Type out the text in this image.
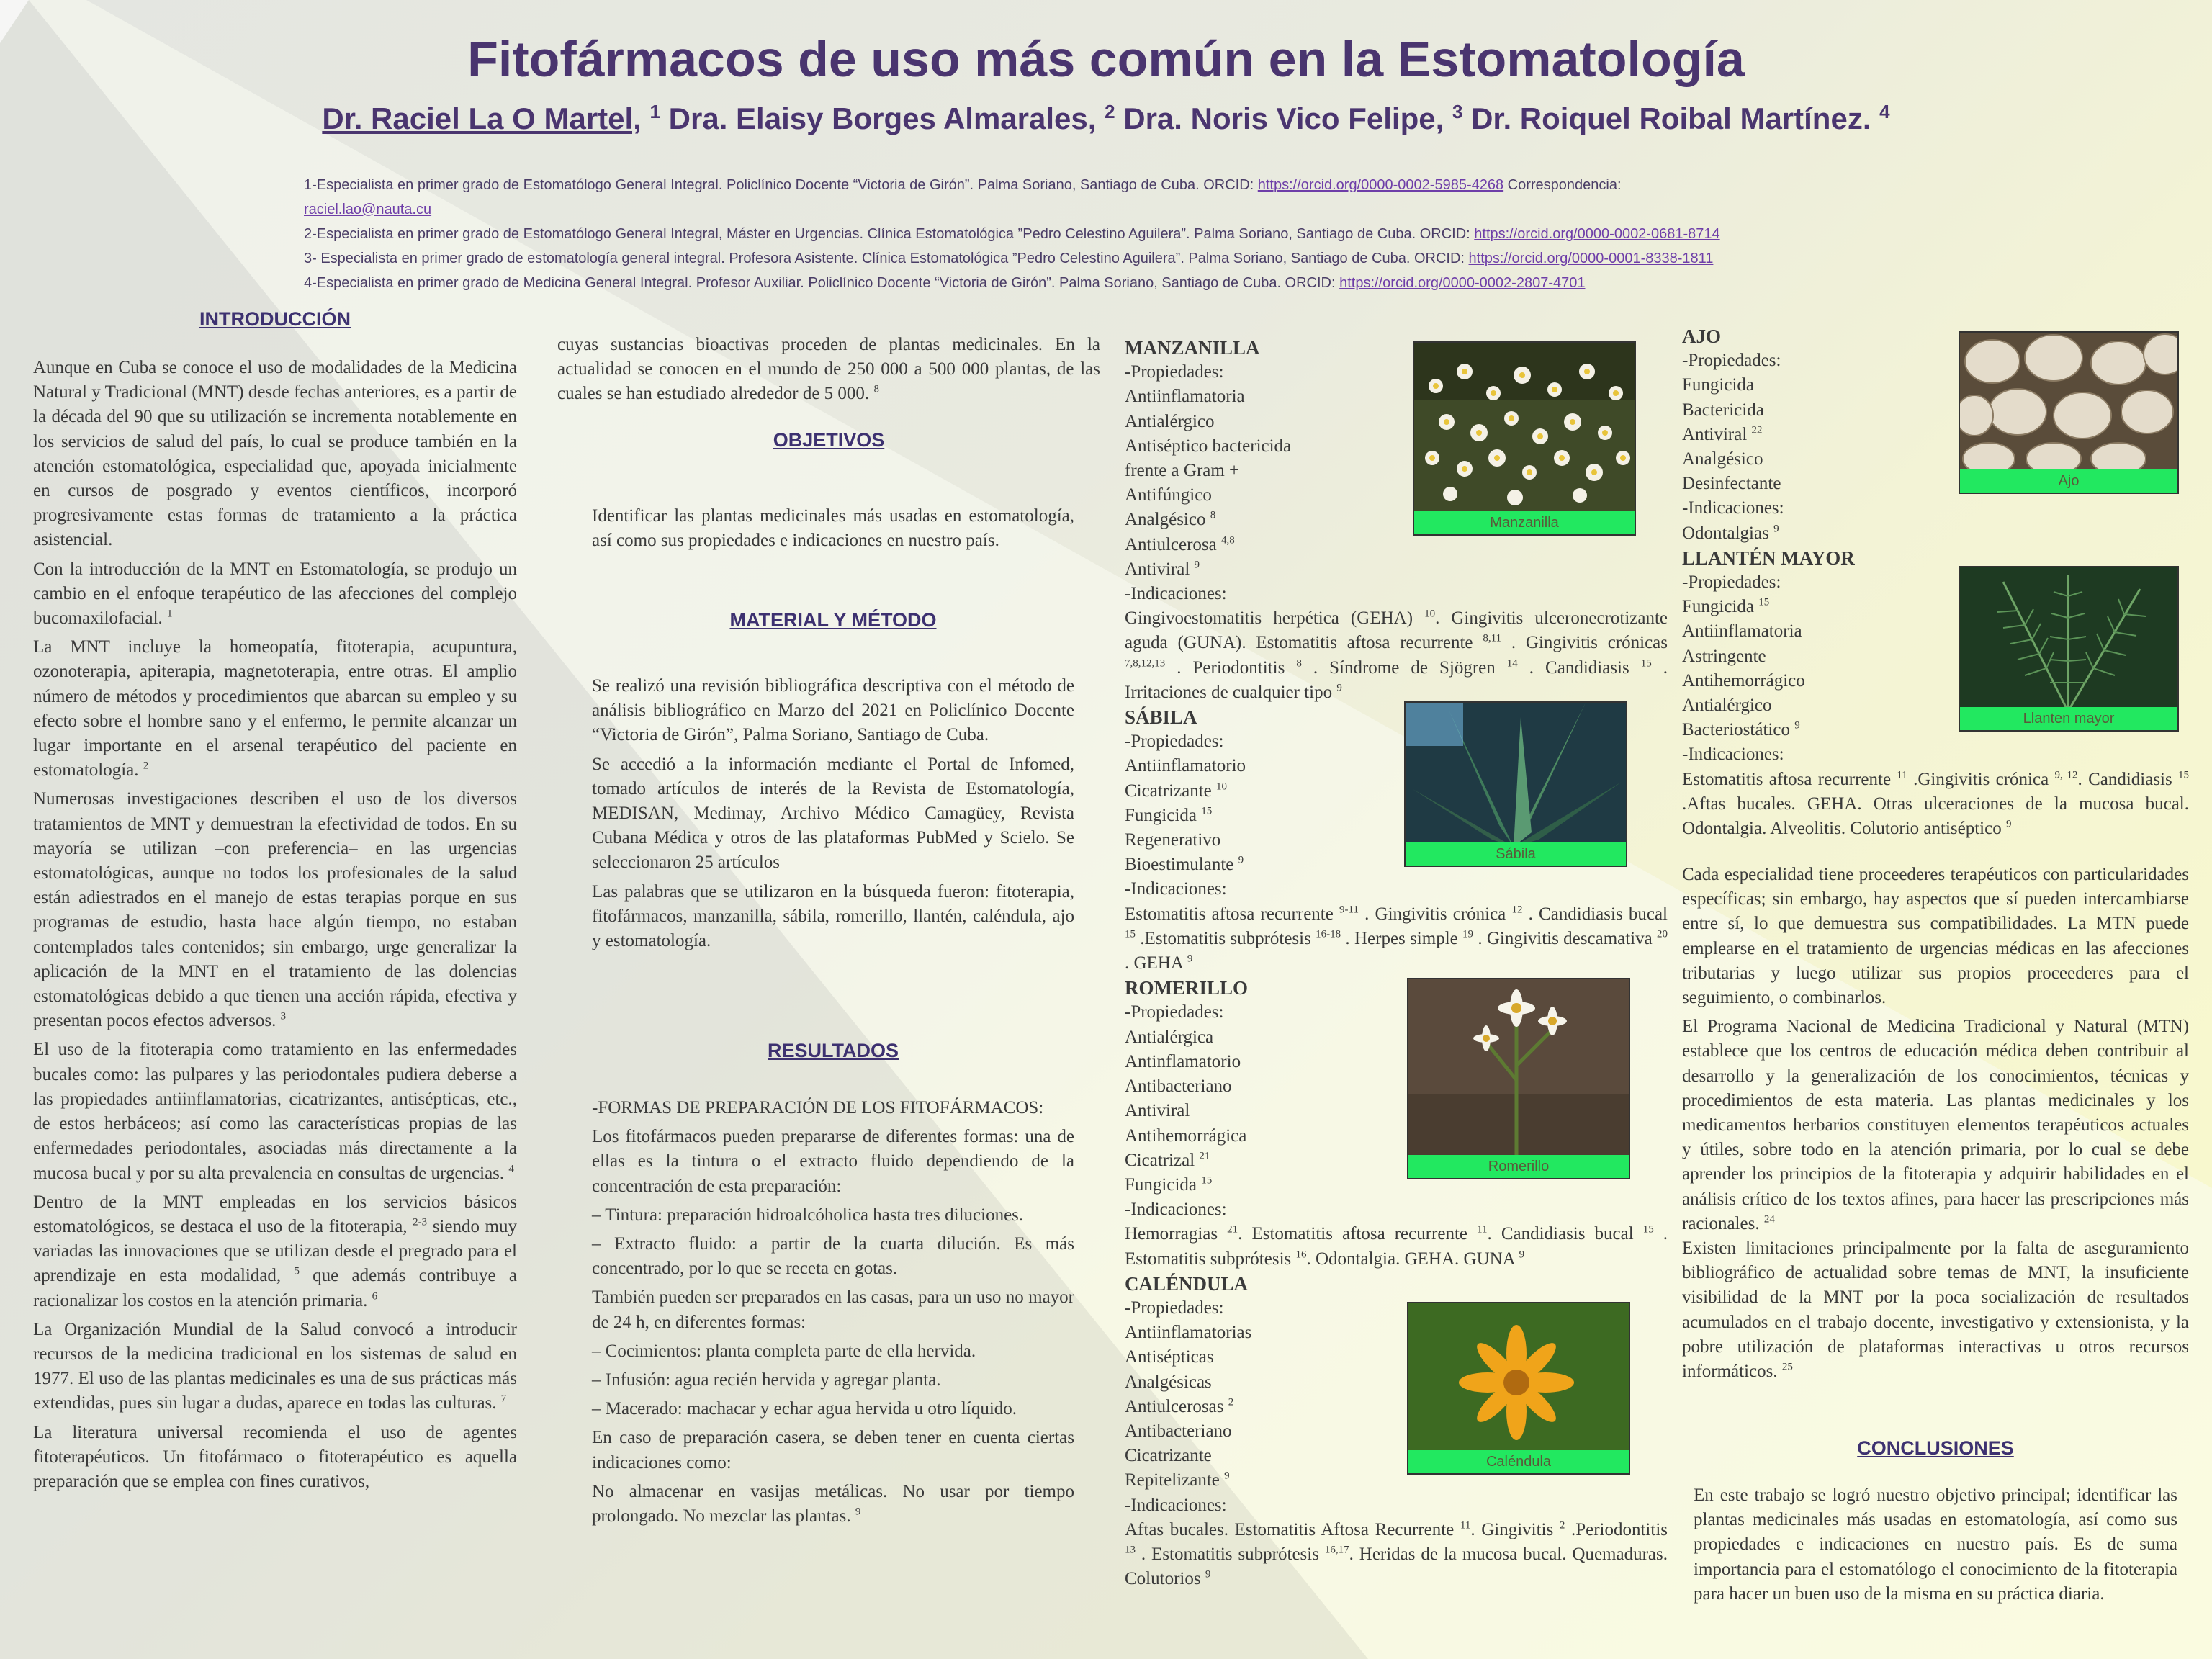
Fitofármacos de uso más común en la Estomatología
Dr. Raciel La O Martel, $^1$ Dra. Elaisy Borges Almarales, $^2$ Dra. Noris Vico Felipe, $^3$ Dr. Roiquel Roibal Martínez. $^4$
1-Especialista en primer grado de Estomatólogo General Integral. Policlínico Docente “Victoria de Girón”. Palma Soriano, Santiago de Cuba. ORCID: https://orcid.org/0000-0002-5985-4268 Correspondencia:
raciel.lao@nauta.cu
2-Especialista en primer grado de Estomatólogo General Integral, Máster en Urgencias. Clínica Estomatológica ”Pedro Celestino Aguilera”. Palma Soriano, Santiago de Cuba. ORCID: https://orcid.org/0000-0002-0681-8714
3- Especialista en primer grado de estomatología general integral. Profesora Asistente. Clínica Estomatológica ”Pedro Celestino Aguilera”. Palma Soriano, Santiago de Cuba. ORCID: https://orcid.org/0000-0001-8338-1811
4-Especialista en primer grado de Medicina General Integral. Profesor Auxiliar. Policlínico Docente “Victoria de Girón”. Palma Soriano, Santiago de Cuba. ORCID: https://orcid.org/0000-0002-2807-4701
INTRODUCCIÓN

Aunque en Cuba se conoce el uso de modalidades de la Medicina Natural y Tradicional (MNT) desde fechas anteriores, es a partir de la década del 90 que su utilización se incrementa notablemente en los servicios de salud del país, lo cual se produce también en la atención estomatológica, especialidad que, apoyada inicialmente en cursos de posgrado y eventos científicos, incorporó progresivamente estas formas de tratamiento a la práctica asistencial.

Con la introducción de la MNT en Estomatología, se produjo un cambio en el enfoque terapéutico de las afecciones del complejo bucomaxilofacial. $^1$

La MNT incluye la homeopatía, fitoterapia, acupuntura, ozonoterapia, apiterapia, magnetoterapia, entre otras. El amplio número de métodos y procedimientos que abarcan su empleo y su efecto sobre el hombre sano y el enfermo, le permite alcanzar un lugar importante en el arsenal terapéutico del paciente en estomatología. $^2$

Numerosas investigaciones describen el uso de los diversos tratamientos de MNT y demuestran la efectividad de todos. En su mayoría se utilizan –con preferencia– en las urgencias estomatológicas, aunque no todos los profesionales de la salud están adiestrados en el manejo de estas terapias porque en sus programas de estudio, hasta hace algún tiempo, no estaban contemplados tales contenidos; sin embargo, urge generalizar la aplicación de la MNT en el tratamiento de las dolencias estomatológicas debido a que tienen una acción rápida, efectiva y presentan pocos efectos adversos. $^3$

El uso de la fitoterapia como tratamiento en las enfermedades bucales como: las pulpares y las periodontales pudiera deberse a las propiedades antiinflamatorias, cicatrizantes, antisépticas, etc., de estos herbáceos; así como las características propias de las enfermedades periodontales, asociadas más directamente a la mucosa bucal y por su alta prevalencia en consultas de urgencias. $^4$

Dentro de la MNT empleadas en los servicios básicos estomatológicos, se destaca el uso de la fitoterapia, $^{2-3}$ siendo muy variadas las innovaciones que se utilizan desde el pregrado para el aprendizaje en esta modalidad, $^5$ que además contribuye a racionalizar los costos en la atención primaria. $^6$

La Organización Mundial de la Salud convocó a introducir recursos de la medicina tradicional en los sistemas de salud en 1977. El uso de las plantas medicinales es una de sus prácticas más extendidas, pues sin lugar a dudas, aparece en todas las culturas. $^7$

La literatura universal recomienda el uso de agentes fitoterapéuticos. Un fitofármaco o fitoterapéutico es aquella preparación que se emplea con fines curativos,

cuyas sustancias bioactivas proceden de plantas medicinales. En la actualidad se conocen en el mundo de 250 000 a 500 000 plantas, de las cuales se han estudiado alrededor de 5 000. $^8$

OBJETIVOS

Identificar las plantas medicinales más usadas en estomatología, así como sus propiedades e indicaciones en nuestro país.

MATERIAL Y MÉTODO

Se realizó una revisión bibliográfica descriptiva con el método de análisis bibliográfico en Marzo del 2021 en Policlínico Docente “Victoria de Girón”, Palma Soriano, Santiago de Cuba.

Se accedió a la información mediante el Portal de Infomed, tomado artículos de interés de la Revista de Estomatología, MEDISAN, Medimay, Archivo Médico Camagüey, Revista Cubana Médica y otros de las plataformas PubMed y Scielo. Se seleccionaron 25 artículos

Las palabras que se utilizaron en la búsqueda fueron: fitoterapia, fitofármacos, manzanilla, sábila, romerillo, llantén, caléndula, ajo y estomatología.

RESULTADOS

-FORMAS DE PREPARACIÓN DE LOS FITOFÁRMACOS:

Los fitofármacos pueden prepararse de diferentes formas: una de ellas es la tintura o el extracto fluido dependiendo de la concentración de esta preparación:

– Tintura: preparación hidroalcóholica hasta tres diluciones.

– Extracto fluido: a partir de la cuarta dilución. Es más concentrado, por lo que se receta en gotas.

También pueden ser preparados en las casas, para un uso no mayor de 24 h, en diferentes formas:

– Cocimientos: planta completa parte de ella hervida.

– Infusión: agua recién hervida y agregar planta.

– Macerado: machacar y echar agua hervida u otro líquido.

En caso de preparación casera, se deben tener en cuenta ciertas indicaciones como:

No almacenar en vasijas metálicas. No usar por tiempo prolongado. No mezclar las plantas. $^9$

MANZANILLA
-Propiedades:
Antiinflamatoria
Antialérgico
Antiséptico bactericida
frente a Gram +
Antifúngico
Analgésico $^8$
Antiulcerosa $^{4,8}$
Antiviral $^9$
-Indicaciones:
Gingivoestomatitis herpética (GEHA) $^{10}$. Gingivitis ulceronecrotizante aguda (GUNA). Estomatitis aftosa recurrente $^{8,11}$ . Gingivitis crónicas $^{7,8,12,13}$ . Periodontitis $^8$ . Síndrome de Sjögren $^{14}$ . Candidiasis $^{15}$ . Irritaciones de cualquier tipo $^9$
SÁBILA
-Propiedades:
Antiinflamatorio
Cicatrizante $^{10}$
Fungicida $^{15}$
Regenerativo
Bioestimulante $^9$
-Indicaciones:
Estomatitis aftosa recurrente $^{9-11}$ . Gingivitis crónica $^{12}$ . Candidiasis bucal $^{15}$ .Estomatitis subprótesis $^{16-18}$ . Herpes simple $^{19}$ . Gingivitis descamativa $^{20}$ . GEHA $^9$
ROMERILLO
-Propiedades:
Antialérgica
Antinflamatorio
Antibacteriano
Antiviral
Antihemorrágica
Cicatrizal $^{21}$
Fungicida $^{15}$
-Indicaciones:
Hemorragias $^{21}$. Estomatitis aftosa recurrente $^{11}$. Candidiasis bucal $^{15}$ . Estomatitis subprótesis $^{16}$. Odontalgia. GEHA. GUNA $^9$
CALÉNDULA
-Propiedades:
Antiinflamatorias
Antisépticas
Analgésicas
Antiulcerosas $^2$
Antibacteriano
Cicatrizante
Repitelizante $^9$
-Indicaciones:
Aftas bucales. Estomatitis Aftosa Recurrente $^{11}$. Gingivitis $^2$ .Periodontitis $^{13}$ . Estomatitis subprótesis $^{16,17}$. Heridas de la mucosa bucal. Quemaduras. Colutorios $^9$
AJO
-Propiedades:
Fungicida
Bactericida
Antiviral $^{22}$
Analgésico
Desinfectante
-Indicaciones:
Odontalgias $^9$
LLANTÉN MAYOR
-Propiedades:
Fungicida $^{15}$
Antiinflamatoria
Astringente
Antihemorrágico
Antialérgico
Bacteriostático $^9$
-Indicaciones:
Estomatitis aftosa recurrente $^{11}$ .Gingivitis crónica $^{9, 12}$. Candidiasis $^{15}$ .Aftas bucales. GEHA. Otras ulceraciones de la mucosa bucal. Odontalgia. Alveolitis. Colutorio antiséptico $^9$

Cada especialidad tiene proceederes terapéuticos con particularidades específicas; sin embargo, hay aspectos que sí pueden intercambiarse entre sí, lo que demuestra sus compatibilidades. La MTN puede emplearse en el tratamiento de urgencias médicas en las afecciones tributarias y luego utilizar sus propios proceederes para el seguimiento, o combinarlos.

El Programa Nacional de Medicina Tradicional y Natural (MTN) establece que los centros de educación médica deben contribuir al desarrollo y la generalización de los conocimientos, técnicas y procedimientos de esta materia. Las plantas medicinales y los medicamentos herbarios constituyen elementos terapéuticos actuales y útiles, sobre todo en la atención primaria, por lo cual se debe aprender los principios de la fitoterapia y adquirir habilidades en el análisis crítico de los textos afines, para hacer las prescripciones más racionales. $^{24}$

Existen limitaciones principalmente por la falta de aseguramiento bibliográfico de actualidad sobre temas de MNT, la insuficiente visibilidad de la MNT por la poca socialización de resultados acumulados en el trabajo docente, investigativo y extensionista, y la pobre utilización de plataformas interactivas u otros recursos informáticos. $^{25}$

CONCLUSIONES

En este trabajo se logró nuestro objetivo principal; identificar las plantas medicinales más usadas en estomatología, así como sus propiedades e indicaciones en nuestro país. Es de suma importancia para el estomatólogo el conocimiento de la fitoterapia para hacer un buen uso de la misma en su práctica diaria.

Manzanilla
Sábila
Romerillo
Caléndula
Ajo
Llanten mayor
